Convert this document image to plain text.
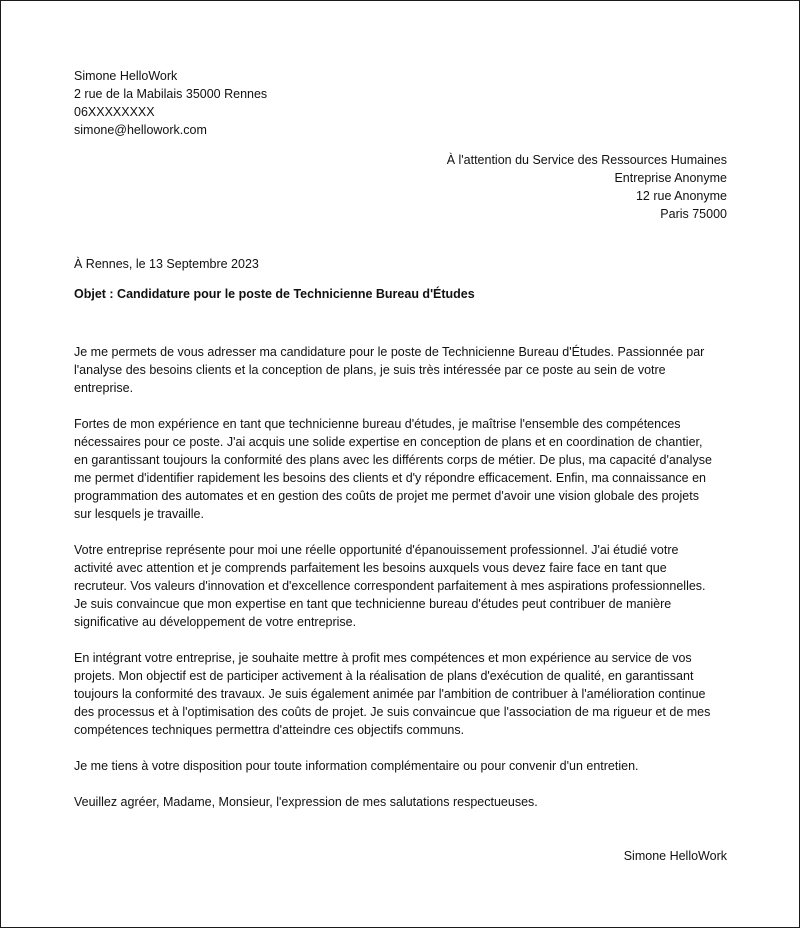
Simone HelloWork
2 rue de la Mabilais 35000 Rennes
06XXXXXXXX
simone@hellowork.com
À l'attention du Service des Ressources Humaines
Entreprise Anonyme
12 rue Anonyme
Paris 75000
À Rennes, le 13 Septembre 2023
Objet : Candidature pour le poste de Technicienne Bureau d'Études

Je me permets de vous adresser ma candidature pour le poste de Technicienne Bureau d'Études. Passionnée par
l'analyse des besoins clients et la conception de plans, je suis très intéressée par ce poste au sein de votre
entreprise.

Fortes de mon expérience en tant que technicienne bureau d'études, je maîtrise l'ensemble des compétences
nécessaires pour ce poste. J'ai acquis une solide expertise en conception de plans et en coordination de chantier,
en garantissant toujours la conformité des plans avec les différents corps de métier. De plus, ma capacité d'analyse
me permet d'identifier rapidement les besoins des clients et d'y répondre efficacement. Enfin, ma connaissance en
programmation des automates et en gestion des coûts de projet me permet d'avoir une vision globale des projets
sur lesquels je travaille.

Votre entreprise représente pour moi une réelle opportunité d'épanouissement professionnel. J'ai étudié votre
activité avec attention et je comprends parfaitement les besoins auxquels vous devez faire face en tant que
recruteur. Vos valeurs d'innovation et d'excellence correspondent parfaitement à mes aspirations professionnelles.
Je suis convaincue que mon expertise en tant que technicienne bureau d'études peut contribuer de manière
significative au développement de votre entreprise.

En intégrant votre entreprise, je souhaite mettre à profit mes compétences et mon expérience au service de vos
projets. Mon objectif est de participer activement à la réalisation de plans d'exécution de qualité, en garantissant
toujours la conformité des travaux. Je suis également animée par l'ambition de contribuer à l'amélioration continue
des processus et à l'optimisation des coûts de projet. Je suis convaincue que l'association de ma rigueur et de mes
compétences techniques permettra d'atteindre ces objectifs communs.

Je me tiens à votre disposition pour toute information complémentaire ou pour convenir d'un entretien.

Veuillez agréer, Madame, Monsieur, l'expression de mes salutations respectueuses.

Simone HelloWork
